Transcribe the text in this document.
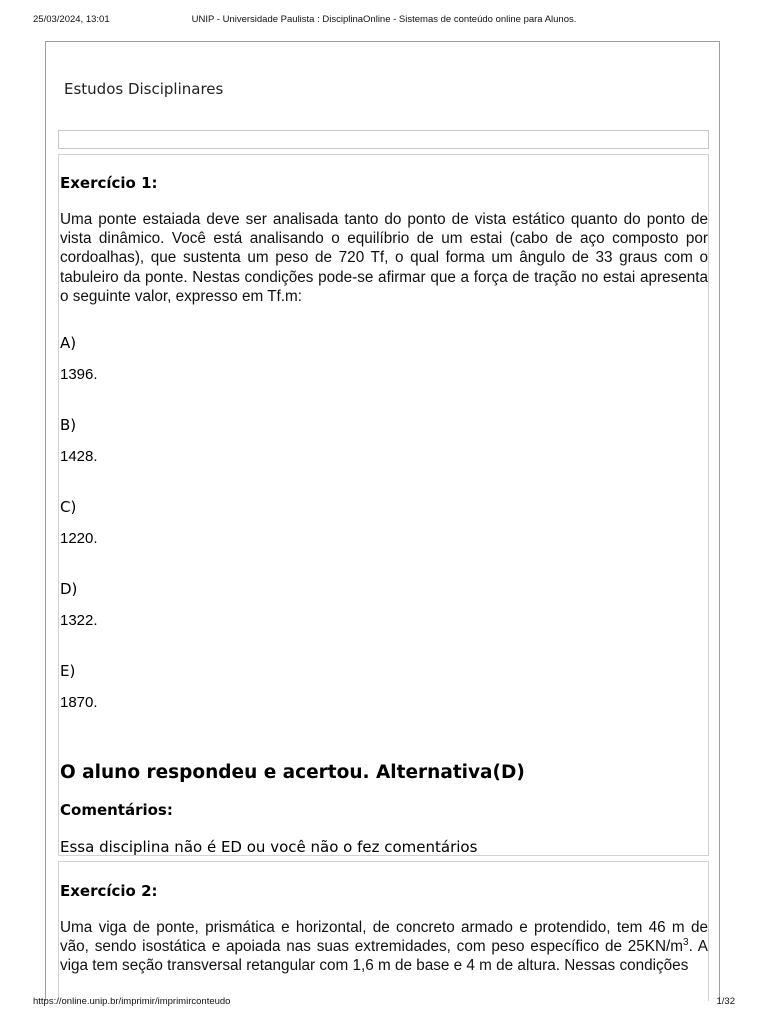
25/03/2024, 13:01	UNIP - Universidade Paulista : DisciplinaOnline - Sistemas de conteúdo online para Alunos.
Estudos Disciplinares
Exercício 1:
Uma ponte estaiada deve ser analisada tanto do ponto de vista estático quanto do ponto de vista dinâmico. Você está analisando o equilíbrio de um estai (cabo de aço composto por cordoalhas), que sustenta um peso de 720 Tf, o qual forma um ângulo de 33 graus com o tabuleiro da ponte. Nestas condições pode-se afirmar que a força de tração no estai apresenta o seguinte valor, expresso em Tf.m:
A)
1396.
B)
1428.
C)
1220.
D)
1322.
E)
1870.
O aluno respondeu e acertou. Alternativa(D)
Comentários:
Essa disciplina não é ED ou você não o fez comentários
Exercício 2:
Uma viga de ponte, prismática e horizontal, de concreto armado e protendido, tem 46 m de vão, sendo isostática e apoiada nas suas extremidades, com peso específico de $25KN/m^3$. A viga tem seção transversal retangular com 1,6 m de base e 4 m de altura. Nessas condições
https://online.unip.br/imprimir/imprimirconteudo	1/32
